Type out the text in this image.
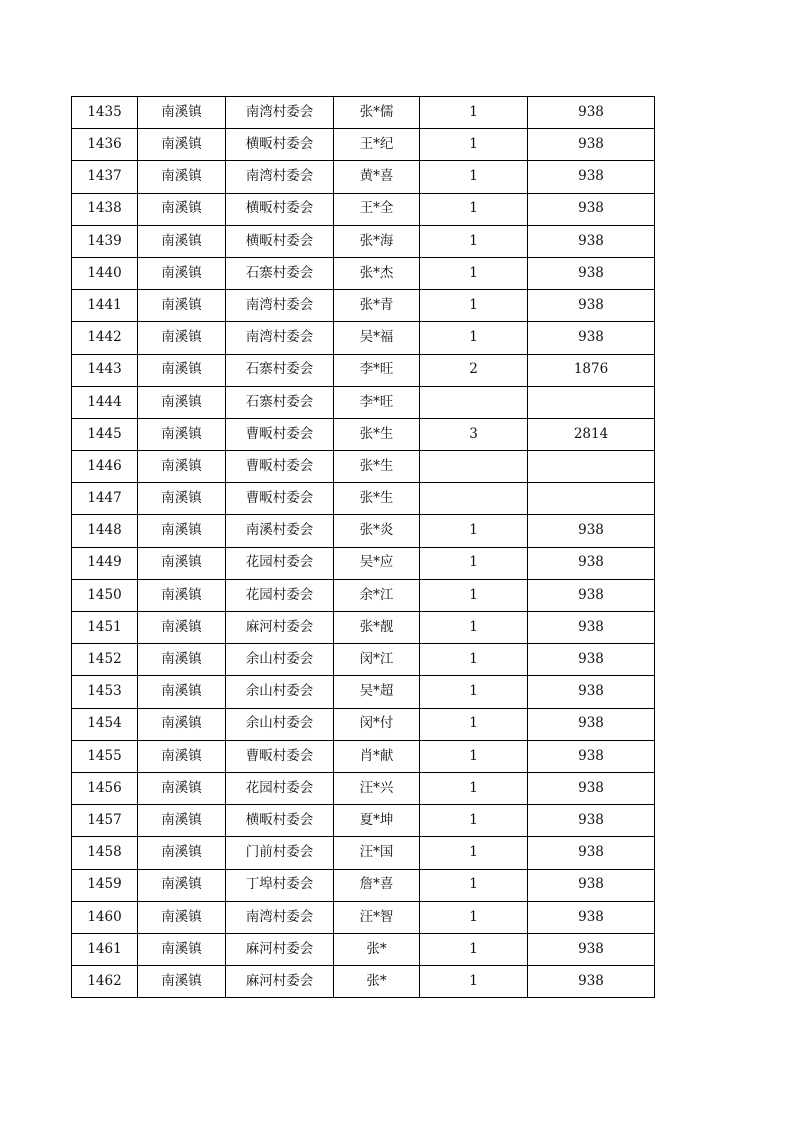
1435	南溪镇	南湾村委会	张*儒	1	938
1436	南溪镇	横畈村委会	王*纪	1	938
1437	南溪镇	南湾村委会	黄*喜	1	938
1438	南溪镇	横畈村委会	王*全	1	938
1439	南溪镇	横畈村委会	张*海	1	938
1440	南溪镇	石寨村委会	张*杰	1	938
1441	南溪镇	南湾村委会	张*青	1	938
1442	南溪镇	南湾村委会	吴*福	1	938
1443	南溪镇	石寨村委会	李*旺	2	1876
1444	南溪镇	石寨村委会	李*旺		
1445	南溪镇	曹畈村委会	张*生	3	2814
1446	南溪镇	曹畈村委会	张*生		
1447	南溪镇	曹畈村委会	张*生		
1448	南溪镇	南溪村委会	张*炎	1	938
1449	南溪镇	花园村委会	吴*应	1	938
1450	南溪镇	花园村委会	余*江	1	938
1451	南溪镇	麻河村委会	张*靓	1	938
1452	南溪镇	余山村委会	闵*江	1	938
1453	南溪镇	余山村委会	吴*超	1	938
1454	南溪镇	余山村委会	闵*付	1	938
1455	南溪镇	曹畈村委会	肖*献	1	938
1456	南溪镇	花园村委会	汪*兴	1	938
1457	南溪镇	横畈村委会	夏*坤	1	938
1458	南溪镇	门前村委会	汪*国	1	938
1459	南溪镇	丁埠村委会	詹*喜	1	938
1460	南溪镇	南湾村委会	汪*智	1	938
1461	南溪镇	麻河村委会	张*	1	938
1462	南溪镇	麻河村委会	张*	1	938
